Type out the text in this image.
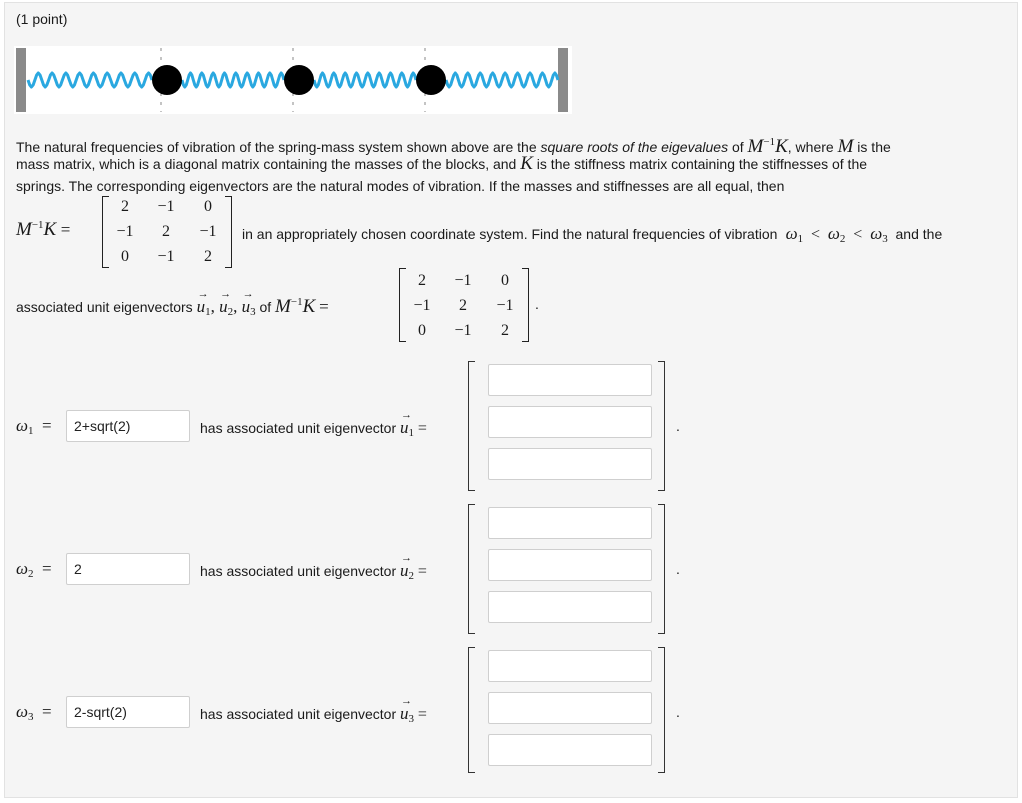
(1 point)
The natural frequencies of vibration of the spring-mass system shown above are the square roots of the eigevalues of $M^{-1}K$, where M is the
mass matrix, which is a diagonal matrix containing the masses of the blocks, and K is the stiffness matrix containing the stiffnesses of the
springs. The corresponding eigenvectors are the natural modes of vibration. If the masses and stiffnesses are all equal, then
$M^{-1}K$ =
2	−1	0
−1	2	−1
0	−1	2
in an appropriately chosen coordinate system. Find the natural frequencies of vibration $\omega_1 < \omega_2 < \omega_3$ and the
associated unit eigenvectors → $u_1$, → $u_2$, → $u_3$ of $M^{-1}K$ =
2	−1	0
−1	2	−1
0	−1	2
.
$\omega_1$ =
2+sqrt(2)	has associated unit eigenvector → $u_1$ =	.
$\omega_2$ =
2	has associated unit eigenvector → $u_2$ =	.
$\omega_3$ =
2-sqrt(2)	has associated unit eigenvector → $u_3$ =	.
